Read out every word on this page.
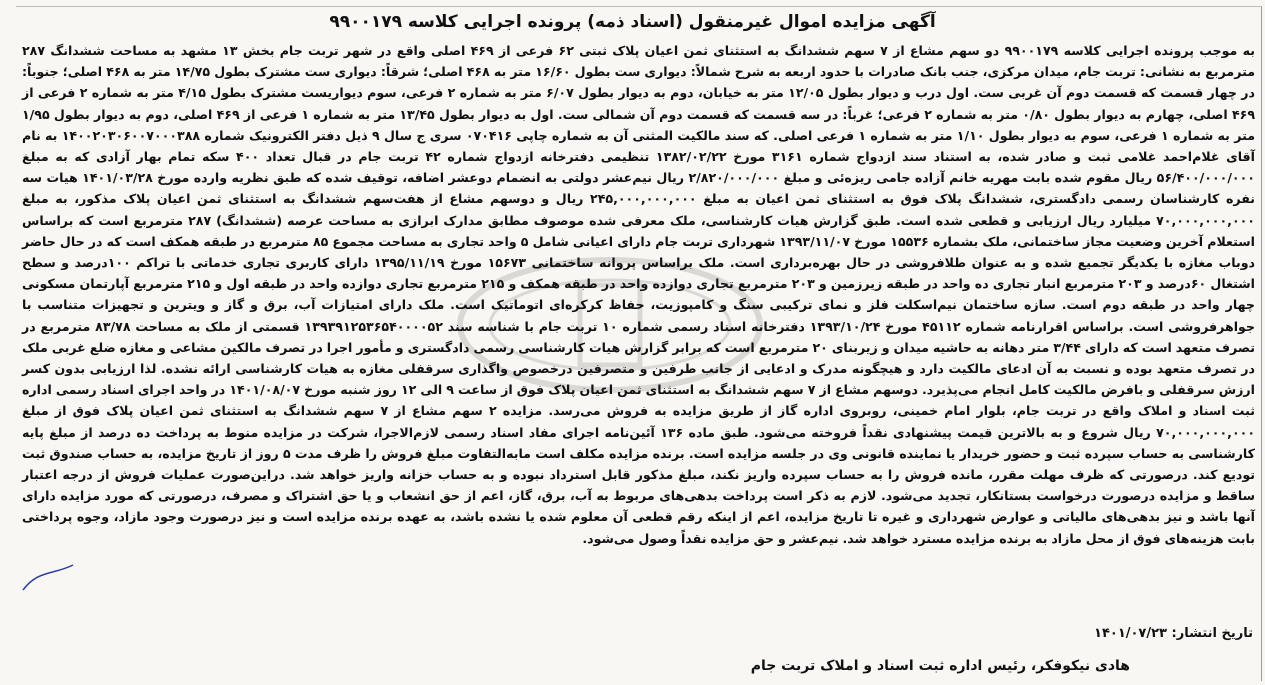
آگهی مزایده اموال غیرمنقول (اسناد ذمه) پرونده اجرایی کلاسه ۹۹۰۰۱۷۹

به موجب پرونده اجرایی کلاسه ۹۹۰۰۱۷۹ دو سهم مشاع از ۷ سهم ششدانگ به استثنای ثمن اعیان پلاک ثبتی ۶۲ فرعی از ۴۶۹ اصلی واقع در شهر تربت جام بخش ۱۳ مشهد به مساحت ششدانگ ۲۸۷ مترمربع به نشانی: تربت جام، میدان مرکزی، جنب بانک صادرات با حدود اربعه به شرح شمالاً: دیواری ست بطول ۱۶/۶۰ متر به ۴۶۸ اصلی؛ شرقاً: دیواری ست مشترک بطول ۱۴/۷۵ متر به ۴۶۸ اصلی؛ جنوباً: در چهار قسمت که قسمت دوم آن غربی ست. اول درب و دیوار بطول ۱۲/۰۵ متر به خیابان، دوم به دیوار بطول ۶/۰۷ متر به شماره ۲ فرعی، سوم دیواریست مشترک بطول ۴/۱۵ متر به شماره ۲ فرعی از ۴۶۹ اصلی، چهارم به دیوار بطول ۰/۸۰ متر به شماره ۲ فرعی؛ غرباً: در سه قسمت که قسمت دوم آن شمالی ست. اول به دیوار بطول ۱۳/۴۵ متر به شماره ۱ فرعی از ۴۶۹ اصلی، دوم به دیوار بطول ۱/۹۵ متر به شماره ۱ فرعی، سوم به دیوار بطول ۱/۱۰ متر به شماره ۱ فرعی اصلی. که سند مالکیت المثنی آن به شماره چاپی ۰۷۰۴۱۶ سری ج سال ۹ ذیل دفتر الکترونیک شماره ۱۴۰۰۲۰۳۰۶۰۰۷۰۰۰۳۸۸ به نام آقای غلام‌احمد غلامی ثبت و صادر شده، به استناد سند ازدواج شماره ۳۱۶۱ مورخ ۱۳۸۲/۰۲/۲۲ تنظیمی دفترخانه ازدواج شماره ۴۲ تربت جام در قبال تعداد ۴۰۰ سکه تمام بهار آزادی که به مبلغ ۵۶/۴۰۰/۰۰۰/۰۰۰ ریال مقوم شده بابت مهریه خانم آزاده جامی ریزه‌ئی و مبلغ ۲/۸۲۰/۰۰۰/۰۰۰ ریال نیم‌عشر دولتی به انضمام دوعشر اضافه، توقیف شده که طبق نظریه وارده مورخ ۱۴۰۱/۰۳/۲۸ هیات سه نفره کارشناسان رسمی دادگستری، ششدانگ پلاک فوق به استثنای ثمن اعیان به مبلغ ۲۴۵,۰۰۰,۰۰۰,۰۰۰ ریال و دوسهم مشاع از هفت‌سهم ششدانگ به استثنای ثمن اعیان پلاک مذکور، به مبلغ ۷۰,۰۰۰,۰۰۰,۰۰۰ میلیارد ریال ارزیابی و قطعی شده است. طبق گزارش هیات کارشناسی، ملک معرفی شده موصوف مطابق مدارک ابرازی به مساحت عرصه (ششدانگ) ۲۸۷ مترمربع است که براساس استعلام آخرین وضعیت مجاز ساختمانی، ملک بشماره ۱۵۵۳۶ مورخ ۱۳۹۳/۱۱/۰۷ شهرداری تربت جام دارای اعیانی شامل ۵ واحد تجاری به مساحت مجموع ۸۵ مترمربع در طبقه همکف است که در حال حاضر دوباب مغازه با یکدیگر تجمیع شده و به عنوان طلافروشی در حال بهره‌برداری است. ملک براساس پروانه ساختمانی ۱۵۶۷۳ مورخ ۱۳۹۵/۱۱/۱۹ دارای کاربری تجاری خدماتی با تراکم ۱۰۰درصد و سطح اشتغال ۶۰درصد و ۲۰۳ مترمربع انبار تجاری ده واحد در طبقه زیرزمین و ۲۰۳ مترمربع تجاری دوازده واحد در طبقه همکف و ۲۱۵ مترمربع تجاری دوازده واحد در طبقه اول و ۲۱۵ مترمربع آپارتمان مسکونی چهار واحد در طبقه دوم است. سازه ساختمان نیم‌اسکلت فلز و نمای ترکیبی سنگ و کامپوزیت، حفاظ کرکره‌ای اتوماتیک است. ملک دارای امتیازات آب، برق و گاز و ویترین و تجهیزات متناسب با جواهرفروشی است. براساس اقرارنامه شماره ۴۵۱۱۲ مورخ ۱۳۹۳/۱۰/۲۴ دفترخانه اسناد رسمی شماره ۱۰ تربت جام با شناسه سند ۱۳۹۳۹۱۲۵۳۶۵۴۰۰۰۰۵۲ قسمتی از ملک به مساحت ۸۳/۷۸ مترمربع در تصرف متعهد است که دارای ۳/۴۴ متر دهانه به حاشیه میدان و زیربنای ۲۰ مترمربع است که برابر گزارش هیات کارشناسی رسمی دادگستری و مأمور اجرا در تصرف مالکین مشاعی و مغازه ضلع غربی ملک در تصرف متعهد بوده و نسبت به آن ادعای مالکیت دارد و هیچگونه مدرک و ادعایی از جانب طرفین و متصرفین درخصوص واگذاری سرقفلی مغازه به هیات کارشناسی ارائه نشده. لذا ارزیابی بدون کسر ارزش سرقفلی و بافرض مالکیت کامل انجام می‌پذیرد. دوسهم مشاع از ۷ سهم ششدانگ به استثنای ثمن اعیان پلاک فوق از ساعت ۹ الی ۱۲ روز شنبه مورخ ۱۴۰۱/۰۸/۰۷ در واحد اجرای اسناد رسمی اداره ثبت اسناد و املاک واقع در تربت جام، بلوار امام خمینی، روبروی اداره گاز از طریق مزایده به فروش می‌رسد. مزایده ۲ سهم مشاع از ۷ سهم ششدانگ به استثنای ثمن اعیان پلاک فوق از مبلغ ۷۰,۰۰۰,۰۰۰,۰۰۰ ریال شروع و به بالاترین قیمت پیشنهادی نقداً فروخته می‌شود. طبق ماده ۱۳۶ آئین‌نامه اجرای مفاد اسناد رسمی لازم‌الاجرا، شرکت در مزایده منوط به پرداخت ده درصد از مبلغ پایه کارشناسی به حساب سپرده ثبت و حضور خریدار یا نماینده قانونی وی در جلسه مزایده است. برنده مزایده مکلف است مابه‌التفاوت مبلغ فروش را ظرف مدت ۵ روز از تاریخ مزایده، به حساب صندوق ثبت تودیع کند. درصورتی که ظرف مهلت مقرر، مانده فروش را به حساب سپرده واریز نکند، مبلغ مذکور قابل استرداد نبوده و به حساب خزانه واریز خواهد شد. دراین‌صورت عملیات فروش از درجه اعتبار ساقط و مزایده درصورت درخواست بستانکار، تجدید می‌شود. لازم به ذکر است پرداخت بدهی‌های مربوط به آب، برق، گاز، اعم از حق انشعاب و یا حق اشتراک و مصرف، درصورتی که مورد مزایده دارای آنها باشد و نیز بدهی‌های مالیاتی و عوارض شهرداری و غیره تا تاریخ مزایده، اعم از اینکه رقم قطعی آن معلوم شده یا نشده باشد، به عهده برنده مزایده است و نیز درصورت وجود مازاد، وجوه پرداختی بابت هزینه‌های فوق از محل مازاد به برنده مزایده مسترد خواهد شد. نیم‌عشر و حق مزایده نقداً وصول می‌شود.

تاریخ انتشار: ۱۴۰۱/۰۷/۲۳
هادی نیکوفکر، رئیس اداره ثبت اسناد و املاک تربت جام
